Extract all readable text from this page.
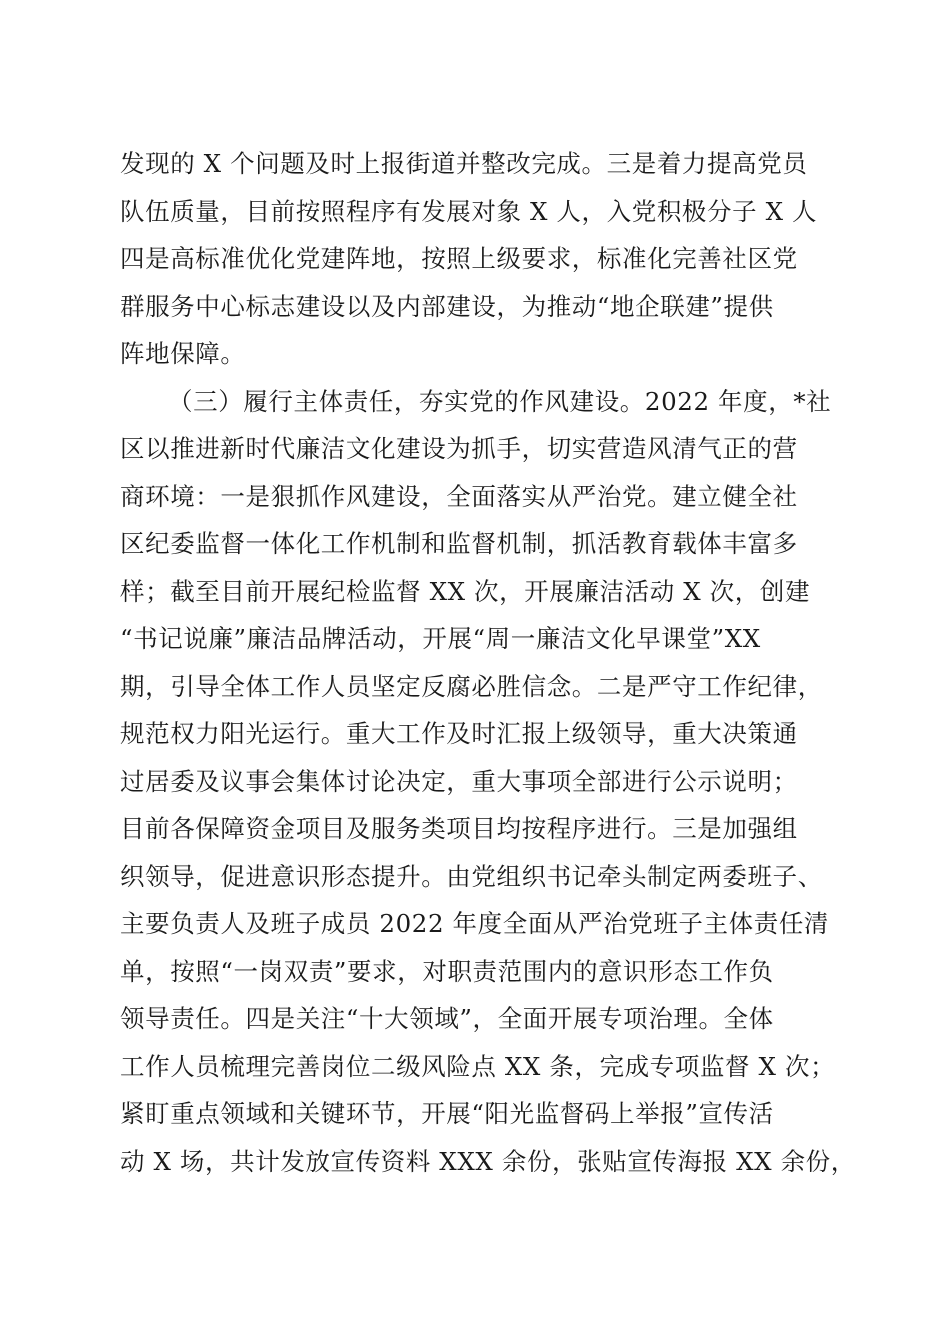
发现的 X 个问题及时上报街道并整改完成。三是着力提高党员
队伍质量，目前按照程序有发展对象 X 人，入党积极分子 X 人
四是高标准优化党建阵地，按照上级要求，标准化完善社区党
群服务中心标志建设以及内部建设，为推动“地企联建”提供
阵地保障。
（三）履行主体责任，夯实党的作风建设。2022 年度，*社
区以推进新时代廉洁文化建设为抓手，切实营造风清气正的营
商环境：一是狠抓作风建设，全面落实从严治党。建立健全社
区纪委监督一体化工作机制和监督机制，抓活教育载体丰富多
样；截至目前开展纪检监督 XX 次，开展廉洁活动 X 次，创建
“书记说廉”廉洁品牌活动，开展“周一廉洁文化早课堂”XX
期，引导全体工作人员坚定反腐必胜信念。二是严守工作纪律，
规范权力阳光运行。重大工作及时汇报上级领导，重大决策通
过居委及议事会集体讨论决定，重大事项全部进行公示说明；
目前各保障资金项目及服务类项目均按程序进行。三是加强组
织领导，促进意识形态提升。由党组织书记牵头制定两委班子、
主要负责人及班子成员 2022 年度全面从严治党班子主体责任清
单，按照“一岗双责”要求，对职责范围内的意识形态工作负
领导责任。四是关注“十大领域”，全面开展专项治理。全体
工作人员梳理完善岗位二级风险点 XX 条，完成专项监督 X 次；
紧盯重点领域和关键环节，开展“阳光监督码上举报”宣传活
动 X 场，共计发放宣传资料 XXX 余份，张贴宣传海报 XX 余份，
